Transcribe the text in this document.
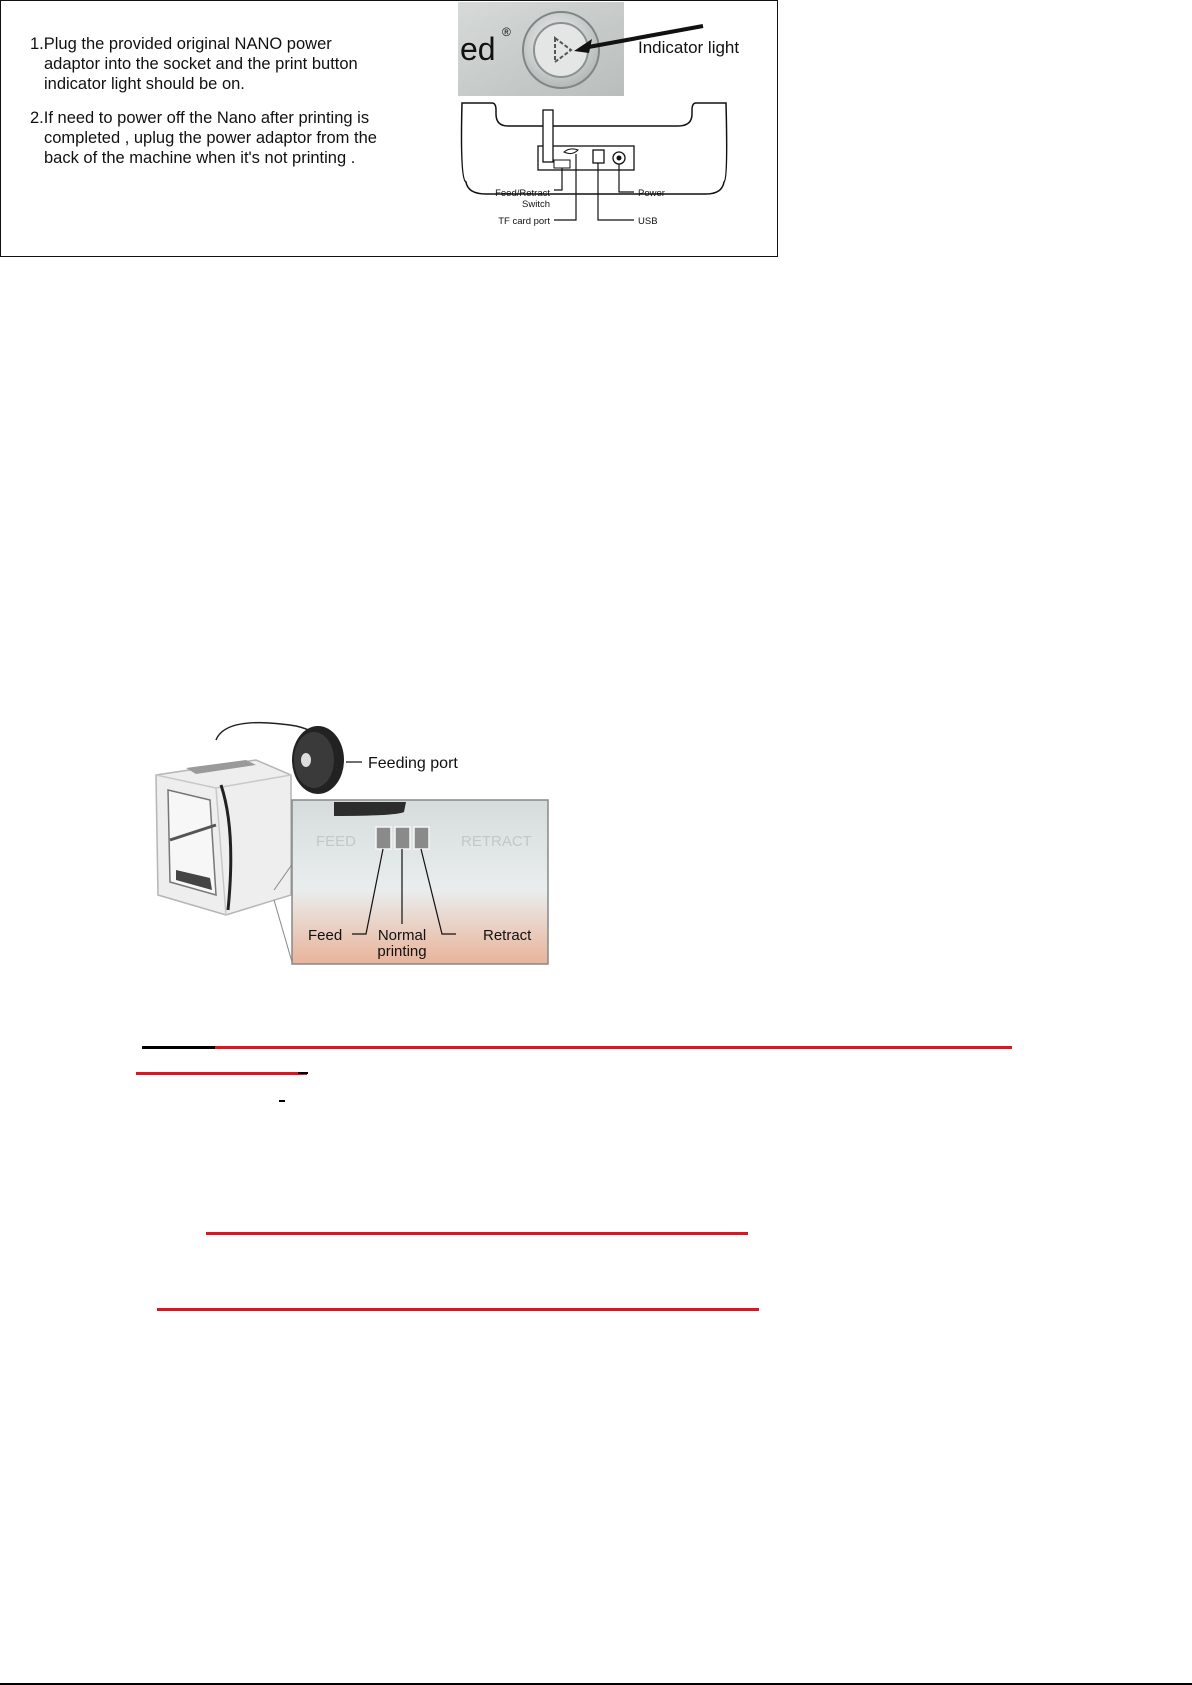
1.Plug the provided original NANO power

adaptor into the socket and the print button

indicator light should be on.

2.If need to power off the Nano after printing is

completed , uplug the power adaptor from the

back of the machine when it's not printing .

ed ®
Indicator light
Feed/Retract
Switch
TF card port	USB
Power
Feeding port
FEED	RETRACT
Feed Normal
printing
Retract
